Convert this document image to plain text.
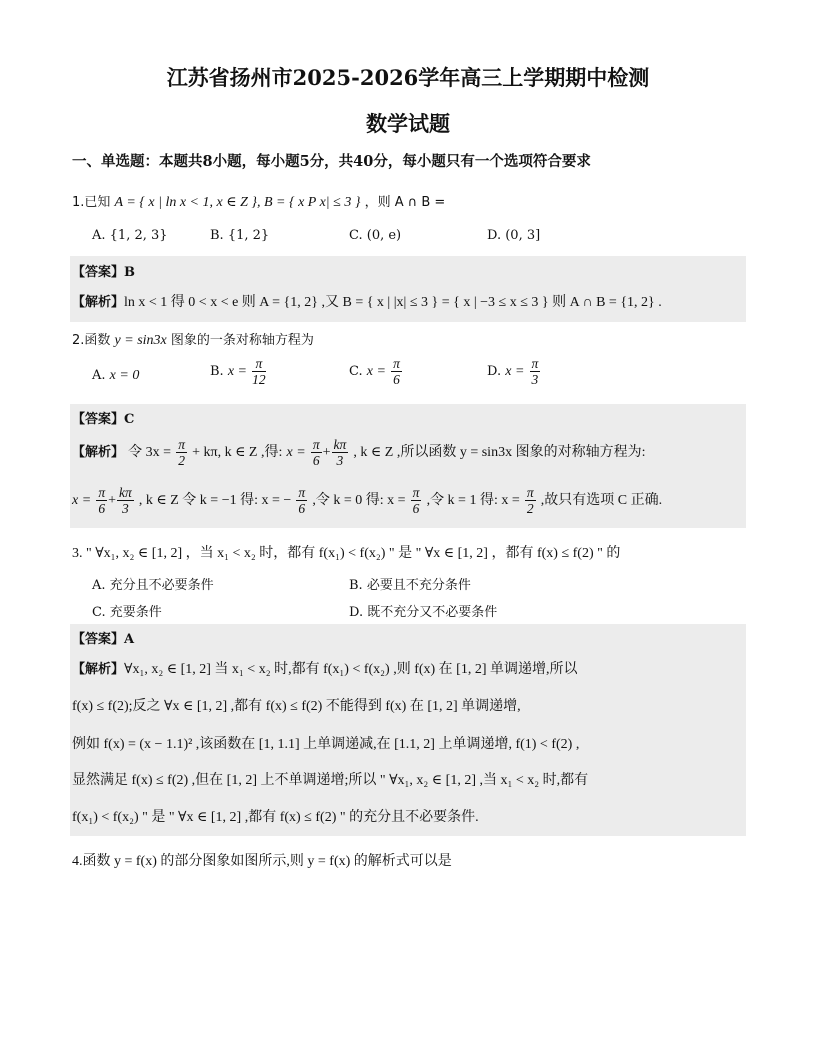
江苏省扬州市2025-2026学年高三上学期期中检测
数学试题
一、单选题：本题共8小题，每小题5分，共40分，每小题只有一个选项符合要求
1.已知 A = { x | ln x < 1, x ∈ Z }, B = { x P x| ≤ 3 } ，则 A ∩ B =
A. {1, 2, 3}	B. {1, 2}	C. (0, e)	D. (0, 3]
【答案】B
【解析】ln x < 1 得 0 < x < e 则 A = {1, 2} ,又 B = { x | |x| ≤ 3 } = { x | −3 ≤ x ≤ 3 } 则 A ∩ B = {1, 2} .
2.函数 y = sin3x 图象的一条对称轴方程为
A. x = 0	B. $x = \frac{\pi}{12}$	C. $x = \frac{\pi}{6}$	D. $x = \frac{\pi}{3}$
【答案】C
【解析】 令 $3x = \frac{\pi}{2} + k\pi$, k ∈ Z ,得: $x = \frac{\pi}{6} + \frac{k\pi}{3}$ , k ∈ Z ,所以函数 y = sin3x 图象的对称轴方程为:
$x = \frac{\pi}{6} + \frac{k\pi}{3}$ , k ∈ Z 令 k = −1 得: x = − $\frac{\pi}{6}$ ,令 k = 0 得: $x = \frac{\pi}{6}$ ,令 k = 1 得: $x = \frac{\pi}{2}$ ,故只有选项 C 正确.
3. " ∀x₁, x₂ ∈ [1, 2] ，当 x₁ < x₂ 时，都有 f(x₁) < f(x₂) " 是 " ∀x ∈ [1, 2] ，都有 f(x) ≤ f(2) " 的
A. 充分且不必要条件	B. 必要且不充分条件
C. 充要条件	D. 既不充分又不必要条件
【答案】A
【解析】∀x₁, x₂ ∈ [1, 2] 当 x₁ < x₂ 时,都有 f(x₁) < f(x₂) ,则 f(x) 在 [1, 2] 单调递增,所以
f(x) ≤ f(2);反之 ∀x ∈ [1, 2] ,都有 f(x) ≤ f(2) 不能得到 f(x) 在 [1, 2] 单调递增,
例如 f(x) = (x − 1.1)² ,该函数在 [1, 1.1] 上单调递减,在 [1.1, 2] 上单调递增, f(1) < f(2) ,
显然满足 f(x) ≤ f(2) ,但在 [1, 2] 上不单调递增;所以 " ∀x₁, x₂ ∈ [1, 2] ,当 x₁ < x₂ 时,都有
f(x₁) < f(x₂) " 是 " ∀x ∈ [1, 2] ,都有 f(x) ≤ f(2) " 的充分且不必要条件.
4.函数 y = f(x) 的部分图象如图所示,则 y = f(x) 的解析式可以是
